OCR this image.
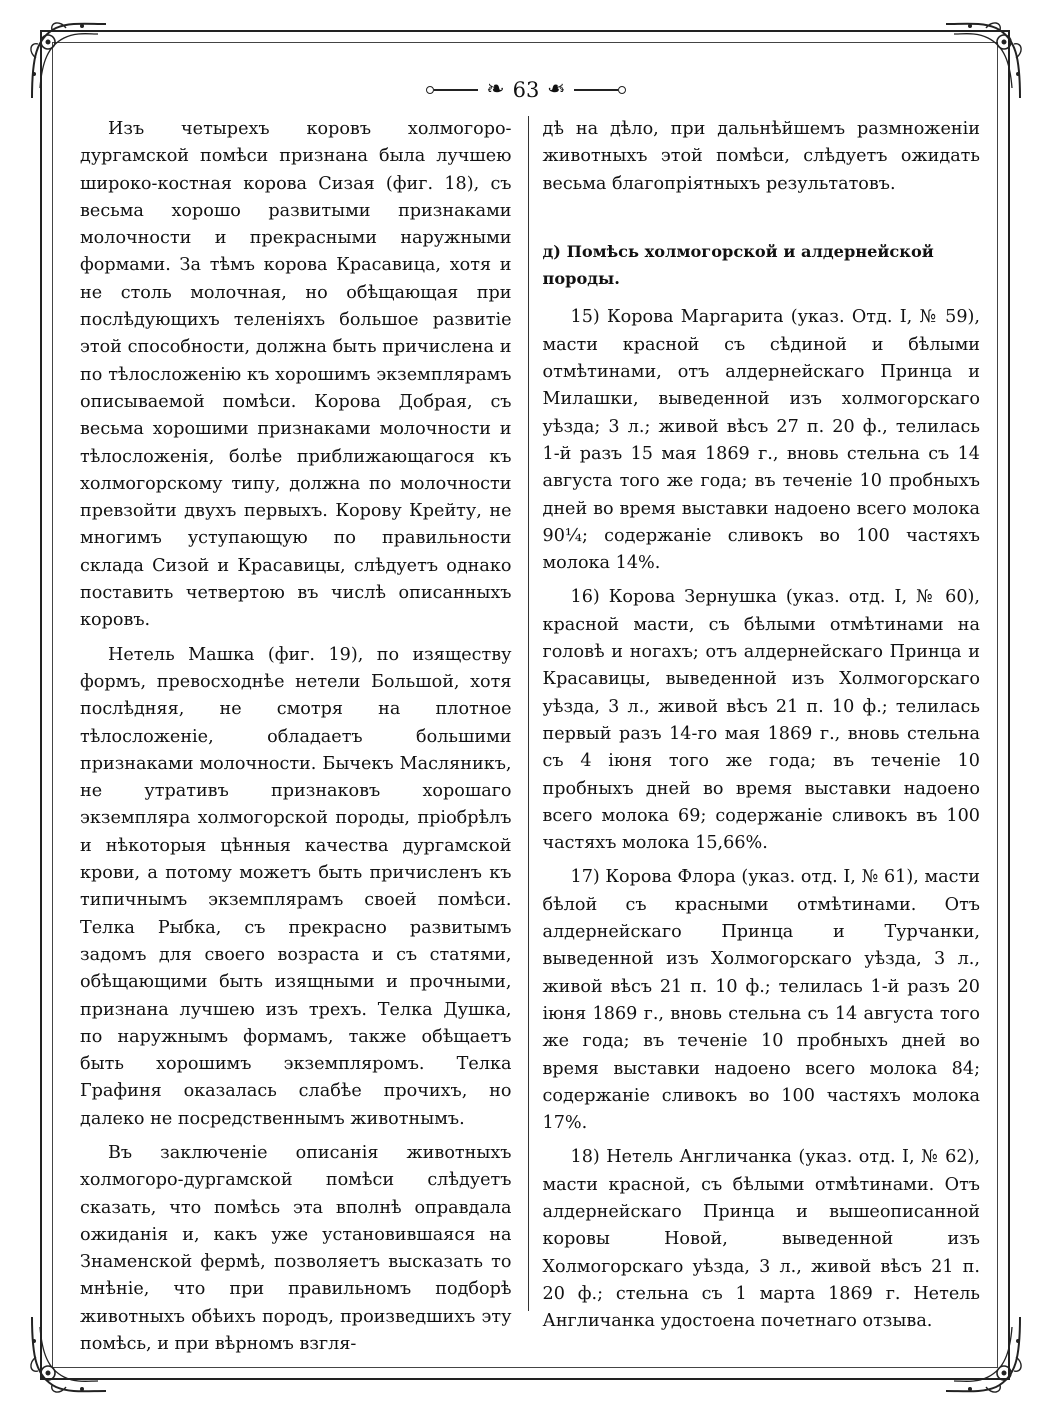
❧ 63 ❧

Изъ четырехъ коровъ холмогоро-дургамской помѣси признана была лучшею широко-костная корова Сизая (фиг. 18), съ весьма хорошо развитыми признаками молочности и прекрасными наружными формами. За тѣмъ корова Красавица, хотя и не столь молочная, но обѣщающая при послѣдующихъ теленіяхъ большое развитіе этой способности, должна быть причислена и по тѣлосложенію къ хорошимъ экземплярамъ описываемой помѣси. Корова Добрая, съ весьма хорошими признаками молочности и тѣлосложенія, болѣе приближающагося къ холмогорскому типу, должна по молочности превзойти двухъ первыхъ. Корову Крейту, не многимъ уступающую по правильности склада Сизой и Красавицы, слѣдуетъ однако поставить четвертою въ числѣ описанныхъ коровъ.

Нетель Машка (фиг. 19), по изяществу формъ, превосходнѣе нетели Большой, хотя послѣдняя, не смотря на плотное тѣлосложеніе, обладаетъ большими признаками молочности. Бычекъ Масляникъ, не утративъ признаковъ хорошаго экземпляра холмогорской породы, пріобрѣлъ и нѣкоторыя цѣнныя качества дургамской крови, а потому можетъ быть причисленъ къ типичнымъ экземплярамъ своей помѣси. Телка Рыбка, съ прекрасно развитымъ задомъ для своего возраста и съ статями, обѣщающими быть изящными и прочными, признана лучшею изъ трехъ. Телка Душка, по наружнымъ формамъ, также обѣщаетъ быть хорошимъ экземпляромъ. Телка Графиня оказалась слабѣе прочихъ, но далеко не посредственнымъ животнымъ.

Въ заключеніе описанія животныхъ холмогоро-дургамской помѣси слѣдуетъ сказать, что помѣсь эта вполнѣ оправдала ожиданія и, какъ уже установившаяся на Знаменской фермѣ, позволяетъ высказать то мнѣніе, что при правильномъ подборѣ животныхъ обѣихъ породъ, произведшихъ эту помѣсь, и при вѣрномъ взгля-

дѣ на дѣло, при дальнѣйшемъ размноженіи животныхъ этой помѣси, слѣдуетъ ожидать весьма благопріятныхъ результатовъ.

д) Помѣсь холмогорской и алдернейской породы.

15) Корова Маргарита (указ. Отд. I, № 59), масти красной съ сѣдиной и бѣлыми отмѣтинами, отъ алдернейскаго Принца и Милашки, выведенной изъ холмогорскаго уѣзда; 3 л.; живой вѣсъ 27 п. 20 ф., телилась 1-й разъ 15 мая 1869 г., вновь стельна съ 14 августа того же года; въ теченіе 10 пробныхъ дней во время выставки надоено всего молока 90¼; содержаніе сливокъ во 100 частяхъ молока 14%.

16) Корова Зернушка (указ. отд. I, № 60), красной масти, съ бѣлыми отмѣтинами на головѣ и ногахъ; отъ алдернейскаго Принца и Красавицы, выведенной изъ Холмогорскаго уѣзда, 3 л., живой вѣсъ 21 п. 10 ф.; телилась первый разъ 14-го мая 1869 г., вновь стельна съ 4 іюня того же года; въ теченіе 10 пробныхъ дней во время выставки надоено всего молока 69; содержаніе сливокъ въ 100 частяхъ молока 15,66%.

17) Корова Флора (указ. отд. I, № 61), масти бѣлой съ красными отмѣтинами. Отъ алдернейскаго Принца и Турчанки, выведенной изъ Холмогорскаго уѣзда, 3 л., живой вѣсъ 21 п. 10 ф.; телилась 1-й разъ 20 іюня 1869 г., вновь стельна съ 14 августа того же года; въ теченіе 10 пробныхъ дней во время выставки надоено всего молока 84; содержаніе сливокъ во 100 частяхъ молока 17%.

18) Нетель Англичанка (указ. отд. I, № 62), масти красной, съ бѣлыми отмѣтинами. Отъ алдернейскаго Принца и вышеописанной коровы Новой, выведенной изъ Холмогорскаго уѣзда, 3 л., живой вѣсъ 21 п. 20 ф.; стельна съ 1 марта 1869 г. Нетель Англичанка удостоена почетнаго отзыва.
